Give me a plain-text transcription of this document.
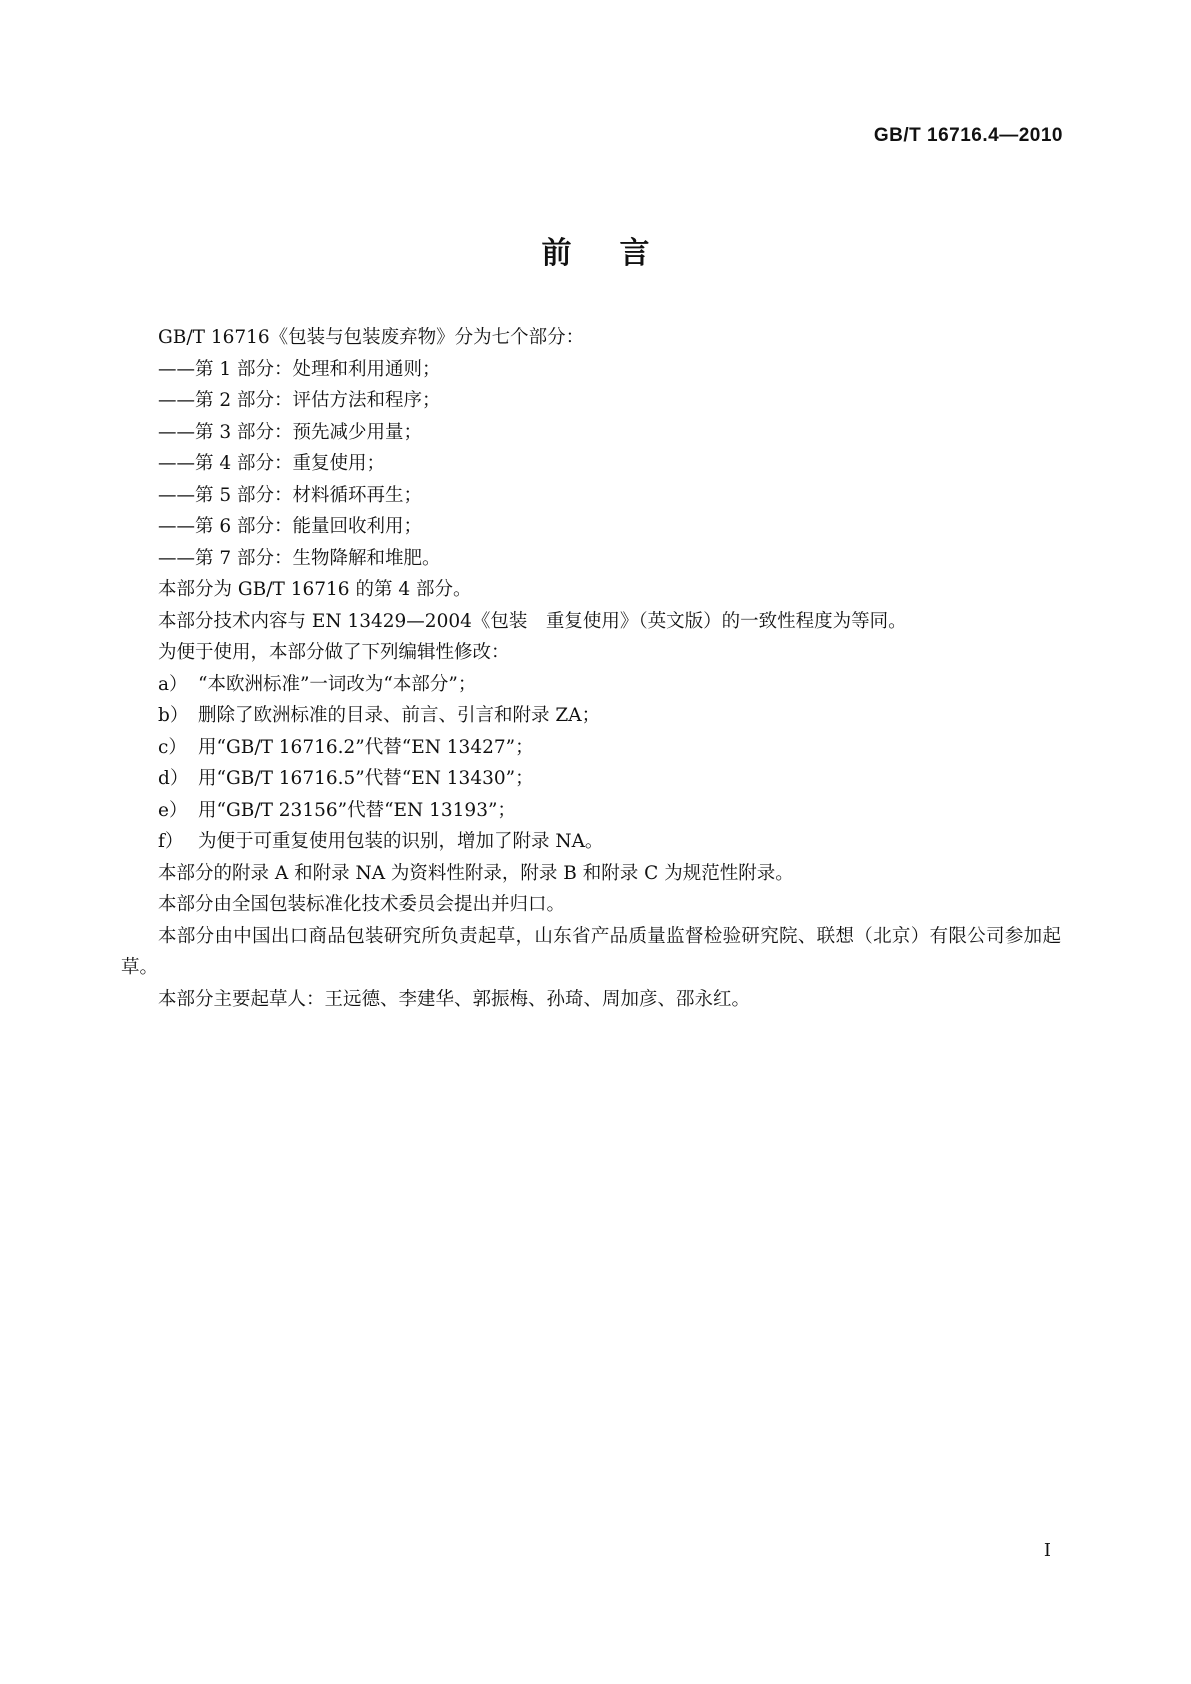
GB/T 16716.4—2010
前言

GB/T 16716《包装与包装废弃物》分为七个部分：

——第 1 部分：处理和利用通则；

——第 2 部分：评估方法和程序；

——第 3 部分：预先减少用量；

——第 4 部分：重复使用；

——第 5 部分：材料循环再生；

——第 6 部分：能量回收利用；

——第 7 部分：生物降解和堆肥。

本部分为 GB/T 16716 的第 4 部分。

本部分技术内容与 EN 13429—2004《包装　重复使用》（英文版）的一致性程度为等同。

为便于使用，本部分做了下列编辑性修改：

a） “本欧洲标准”一词改为“本部分”；

b） 删除了欧洲标准的目录、前言、引言和附录 ZA；

c） 用“GB/T 16716.2”代替“EN 13427”；

d） 用“GB/T 16716.5”代替“EN 13430”；

e） 用“GB/T 23156”代替“EN 13193”；

f） 为便于可重复使用包装的识别，增加了附录 NA。

本部分的附录 A 和附录 NA 为资料性附录，附录 B 和附录 C 为规范性附录。

本部分由全国包装标准化技术委员会提出并归口。

本部分由中国出口商品包装研究所负责起草，山东省产品质量监督检验研究院、联想（北京）有限公司参加起草。

本部分主要起草人：王远德、李建华、郭振梅、孙琦、周加彦、邵永红。

I
